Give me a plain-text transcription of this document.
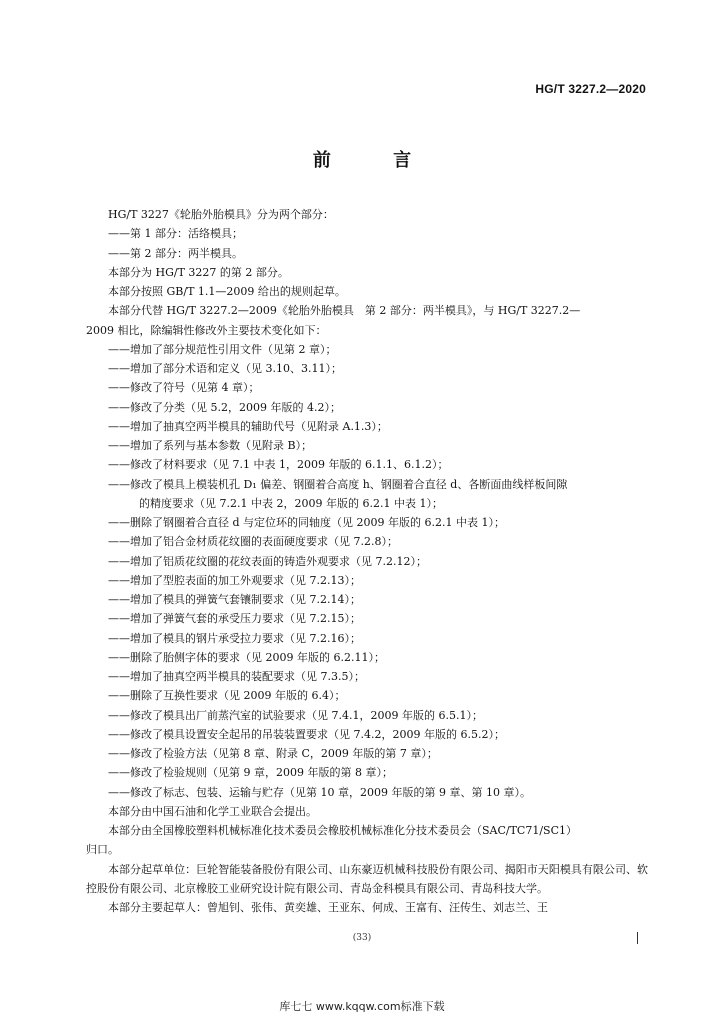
HG/T 3227.2—2020
前 言
HG/T 3227《轮胎外胎模具》分为两个部分：
——第 1 部分：活络模具；
——第 2 部分：两半模具。
本部分为 HG/T 3227 的第 2 部分。
本部分按照 GB/T 1.1—2009 给出的规则起草。
本部分代替 HG/T 3227.2—2009《轮胎外胎模具　第 2 部分：两半模具》，与 HG/T 3227.2—
2009 相比，除编辑性修改外主要技术变化如下：
——增加了部分规范性引用文件（见第 2 章）；
——增加了部分术语和定义（见 3.10、3.11）；
——修改了符号（见第 4 章）；
——修改了分类（见 5.2，2009 年版的 4.2）；
——增加了抽真空两半模具的辅助代号（见附录 A.1.3）；
——增加了系列与基本参数（见附录 B）；
——修改了材料要求（见 7.1 中表 1，2009 年版的 6.1.1、6.1.2）；
——修改了模具上模装机孔 D₁ 偏差、钢圈着合高度 h、钢圈着合直径 d、各断面曲线样板间隙
的精度要求（见 7.2.1 中表 2，2009 年版的 6.2.1 中表 1）；
——删除了钢圈着合直径 d 与定位环的同轴度（见 2009 年版的 6.2.1 中表 1）；
——增加了铝合金材质花纹圈的表面硬度要求（见 7.2.8）；
——增加了铝质花纹圈的花纹表面的铸造外观要求（见 7.2.12）；
——增加了型腔表面的加工外观要求（见 7.2.13）；
——增加了模具的弹簧气套镶制要求（见 7.2.14）；
——增加了弹簧气套的承受压力要求（见 7.2.15）；
——增加了模具的钢片承受拉力要求（见 7.2.16）；
——删除了胎侧字体的要求（见 2009 年版的 6.2.11）；
——增加了抽真空两半模具的装配要求（见 7.3.5）；
——删除了互换性要求（见 2009 年版的 6.4）；
——修改了模具出厂前蒸汽室的试验要求（见 7.4.1，2009 年版的 6.5.1）；
——修改了模具设置安全起吊的吊装装置要求（见 7.4.2，2009 年版的 6.5.2）；
——修改了检验方法（见第 8 章、附录 C，2009 年版的第 7 章）；
——修改了检验规则（见第 9 章，2009 年版的第 8 章）；
——修改了标志、包装、运输与贮存（见第 10 章，2009 年版的第 9 章、第 10 章）。
本部分由中国石油和化学工业联合会提出。
本部分由全国橡胶塑料机械标准化技术委员会橡胶机械标准化分技术委员会（SAC/TC71/SC1）
归口。
本部分起草单位：巨轮智能装备股份有限公司、山东豪迈机械科技股份有限公司、揭阳市天阳模具有限公司、软控股份有限公司、北京橡胶工业研究设计院有限公司、青岛金科模具有限公司、青岛科技大学。
本部分主要起草人：曾旭钊、张伟、黄奕雄、王亚东、何成、王富有、汪传生、刘志兰、王
(33)
库七七 www.kqqw.com标准下载
